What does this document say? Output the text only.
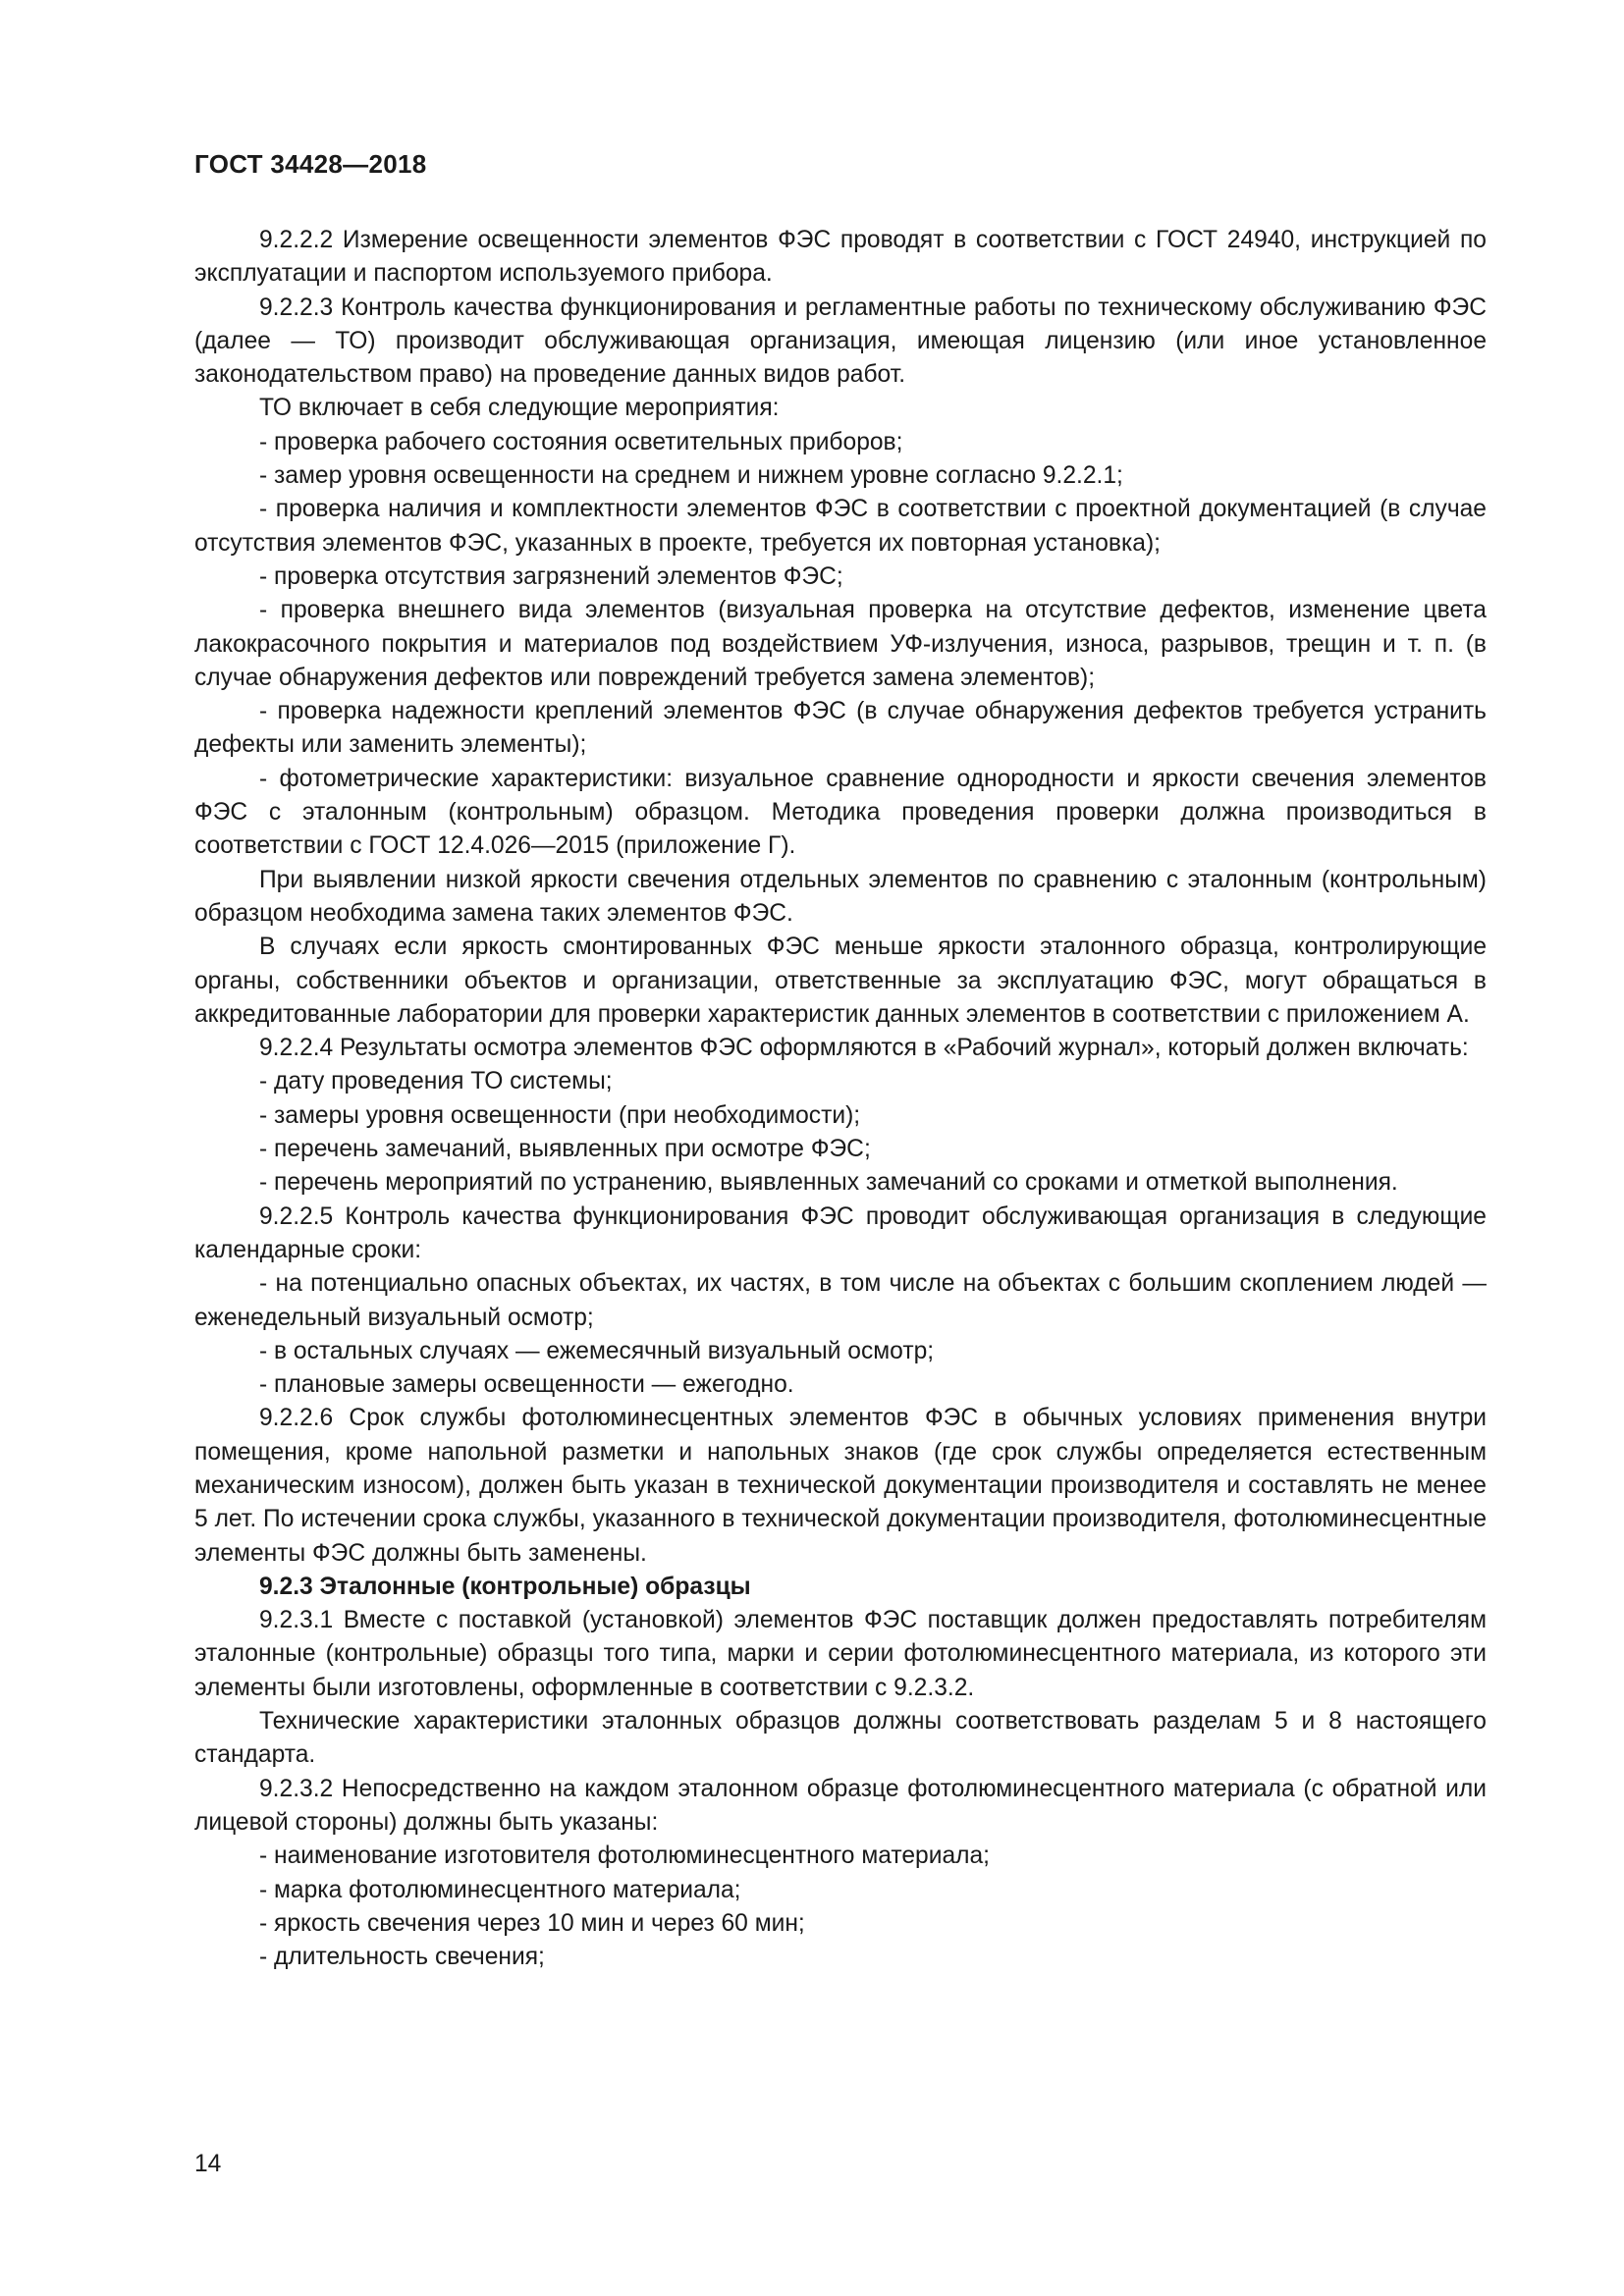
ГОСТ 34428—2018

9.2.2.2 Измерение освещенности элементов ФЭС проводят в соответствии с ГОСТ 24940, инструкцией по эксплуатации и паспортом используемого прибора.

9.2.2.3 Контроль качества функционирования и регламентные работы по техническому обслуживанию ФЭС (далее — ТО) производит обслуживающая организация, имеющая лицензию (или иное установленное законодательством право) на проведение данных видов работ.

ТО включает в себя следующие мероприятия:

- проверка рабочего состояния осветительных приборов;

- замер уровня освещенности на среднем и нижнем уровне согласно 9.2.2.1;

- проверка наличия и комплектности элементов ФЭС в соответствии с проектной документацией (в случае отсутствия элементов ФЭС, указанных в проекте, требуется их повторная установка);

- проверка отсутствия загрязнений элементов ФЭС;

- проверка внешнего вида элементов (визуальная проверка на отсутствие дефектов, изменение цвета лакокрасочного покрытия и материалов под воздействием УФ-излучения, износа, разрывов, трещин и т. п. (в случае обнаружения дефектов или повреждений требуется замена элементов);

- проверка надежности креплений элементов ФЭС (в случае обнаружения дефектов требуется устранить дефекты или заменить элементы);

- фотометрические характеристики: визуальное сравнение однородности и яркости свечения элементов ФЭС с эталонным (контрольным) образцом. Методика проведения проверки должна производиться в соответствии с ГОСТ 12.4.026—2015 (приложение Г).

При выявлении низкой яркости свечения отдельных элементов по сравнению с эталонным (контрольным) образцом необходима замена таких элементов ФЭС.

В случаях если яркость смонтированных ФЭС меньше яркости эталонного образца, контролирующие органы, собственники объектов и организации, ответственные за эксплуатацию ФЭС, могут обращаться в аккредитованные лаборатории для проверки характеристик данных элементов в соответствии с приложением А.

9.2.2.4 Результаты осмотра элементов ФЭС оформляются в «Рабочий журнал», который должен включать:

- дату проведения ТО системы;

- замеры уровня освещенности (при необходимости);

- перечень замечаний, выявленных при осмотре ФЭС;

- перечень мероприятий по устранению, выявленных замечаний со сроками и отметкой выполнения.

9.2.2.5 Контроль качества функционирования ФЭС проводит обслуживающая организация в следующие календарные сроки:

- на потенциально опасных объектах, их частях, в том числе на объектах с большим скоплением людей — еженедельный визуальный осмотр;

- в остальных случаях — ежемесячный визуальный осмотр;

- плановые замеры освещенности — ежегодно.

9.2.2.6 Срок службы фотолюминесцентных элементов ФЭС в обычных условиях применения внутри помещения, кроме напольной разметки и напольных знаков (где срок службы определяется естественным механическим износом), должен быть указан в технической документации производителя и составлять не менее 5 лет. По истечении срока службы, указанного в технической документации производителя, фотолюминесцентные элементы ФЭС должны быть заменены.

9.2.3 Эталонные (контрольные) образцы

9.2.3.1 Вместе с поставкой (установкой) элементов ФЭС поставщик должен предоставлять потребителям эталонные (контрольные) образцы того типа, марки и серии фотолюминесцентного материала, из которого эти элементы были изготовлены, оформленные в соответствии с 9.2.3.2.

Технические характеристики эталонных образцов должны соответствовать разделам 5 и 8 настоящего стандарта.

9.2.3.2 Непосредственно на каждом эталонном образце фотолюминесцентного материала (с обратной или лицевой стороны) должны быть указаны:

- наименование изготовителя фотолюминесцентного материала;

- марка фотолюминесцентного материала;

- яркость свечения через 10 мин и через 60 мин;

- длительность свечения;

14
